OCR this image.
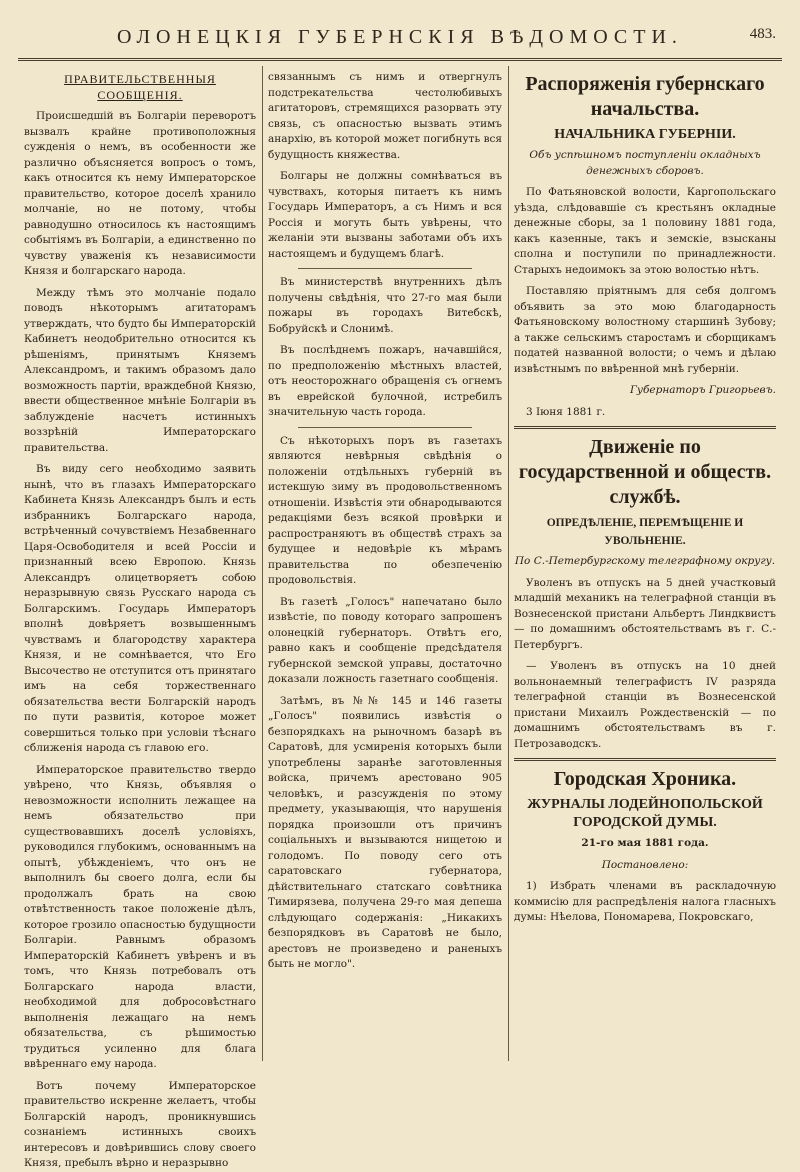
ОЛОНЕЦКІЯ ГУБЕРНСКІЯ ВѢДОМОСТИ.	483.
ПРАВИТЕЛЬСТВЕННЫЯ СООБЩЕНІЯ.

Происшедшій въ Болгаріи переворотъ вызвалъ крайне противоположныя сужденія о немъ, въ особенности же различно объясняется вопросъ о томъ, какъ относится къ нему Императорское правительство, которое доселѣ хранило молчаніе, но не потому, чтобы равнодушно относилось къ настоящимъ событіямъ въ Болгаріи, а единственно по чувству уваженія къ независимости Князя и болгарскаго народа.

Между тѣмъ это молчаніе подало поводъ нѣкоторымъ агитаторамъ утверждать, что будто бы Императорскій Кабинетъ неодобрительно относится къ рѣшеніямъ, принятымъ Княземъ Александромъ, и такимъ образомъ дало возможность партіи, враждебной Князю, ввести общественное мнѣніе Болгаріи въ заблужденіе насчетъ истинныхъ воззрѣній Императорскаго правительства.

Въ виду сего необходимо заявить нынѣ, что въ глазахъ Императорскаго Кабинета Князь Александръ былъ и есть избранникъ Болгарскаго народа, встрѣченный сочувствіемъ Незабвеннаго Царя-Освободителя и всей Россіи и признанный всею Европою. Князь Александръ олицетворяетъ собою неразрывную связь Русскаго народа съ Болгарскимъ. Государь Императоръ вполнѣ довѣряетъ возвышеннымъ чувствамъ и благородству характера Князя, и не сомнѣвается, что Его Высочество не отступится отъ принятаго имъ на себя торжественнаго обязательства вести Болгарскій народъ по пути развитія, которое может совершиться только при условіи тѣснаго сближенія народа съ главою его.

Императорское правительство твердо увѣрено, что Князь, объявляя о невозможности исполнить лежащее на немъ обязательство при существовавшихъ доселѣ условіяхъ, руководился глубокимъ, основаннымъ на опытѣ, убѣжденіемъ, что онъ не выполнилъ бы своего долга, если бы продолжалъ брать на свою отвѣтственность такое положеніе дѣлъ, которое грозило опасностью будущности Болгаріи. Равнымъ образомъ Императорскій Кабинетъ увѣренъ и въ томъ, что Князь потребовалъ отъ Болгарскаго народа власти, необходимой для добросовѣстнаго выполненія лежащаго на немъ обязательства, съ рѣшимостью трудиться усиленно для блага ввѣреннаго ему народа.

Вотъ почему Императорское правительство искренне желаетъ, чтобы Болгарскій народъ, проникнувшись сознаніемъ истинныхъ своихъ интересовъ и довѣрившись слову своего Князя, пребылъ вѣрно и неразрывно

связаннымъ съ нимъ и отвергнулъ подстрекательства честолюбивыхъ агитаторовъ, стремящихся разорвать эту связь, съ опасностью вызвать этимъ анархію, въ которой может погибнуть вся будущность княжества.

Болгары не должны сомнѣваться въ чувствахъ, которыя питаетъ къ нимъ Государь Императоръ, а съ Нимъ и вся Россія и могуть быть увѣрены, что желаніи эти вызваны заботами объ ихъ настоящемъ и будущемъ благѣ.

Въ министерствѣ внутреннихъ дѣлъ получены свѣдѣнія, что 27-го мая были пожары въ городахъ Витебскѣ, Бобруйскѣ и Слонимѣ.

Въ послѣднемъ пожаръ, начавшійся, по предположенію мѣстныхъ властей, отъ неосторожнаго обращенія съ огнемъ въ еврейской булочной, истребилъ значительную часть города.

Съ нѣкоторыхъ поръ въ газетахъ являются невѣрныя свѣдѣнія о положеніи отдѣльныхъ губерній въ истекшую зиму въ продовольственномъ отношеніи. Извѣстія эти обнародываются редакціями безъ всякой провѣрки и распространяютъ въ обществѣ страхъ за будущее и недовѣріе къ мѣрамъ правительства по обезпеченію продовольствія.

Въ газетѣ „Голосъ" напечатано было извѣстіе, по поводу котораго запрошенъ олонецкій губернаторъ. Отвѣтъ его, равно какъ и сообщеніе предсѣдателя губернской земской управы, достаточно доказали ложность газетнаго сообщенія.

Затѣмъ, въ №№ 145 и 146 газеты „Голосъ" появились извѣстія о безпорядкахъ на рыночномъ базарѣ въ Саратовѣ, для усмиренія которыхъ были употреблены заранѣе заготовленныя войска, причемъ арестовано 905 человѣкъ, и разсужденія по этому предмету, указывающія, что нарушенія порядка произошли отъ причинъ соціальныхъ и вызываются нищетою и голодомъ. По поводу сего отъ саратовскаго губернатора, дѣйствительнаго статскаго совѣтника Тимирязева, получена 29-го мая депеша слѣдующаго содержанія: „Никакихъ безпорядковъ въ Саратовѣ не было, арестовъ не произведено и раненыхъ быть не могло".

Распоряженія губернскаго начальства.
НАЧАЛЬНИКА ГУБЕРНІИ.

Объ успѣшномъ поступленіи окладныхъ денежныхъ сборовъ.

По Фатьяновской волости, Каргопольскаго уѣзда, слѣдовавшіе съ крестьянъ окладные денежные сборы, за 1 половину 1881 года, какъ казенные, такъ и земскіе, взысканы сполна и поступили по принадлежности. Старыхъ недоимокъ за этою волостью нѣтъ.

Поставляю пріятнымъ для себя долгомъ объявить за это мою благодарность Фатьяновскому волостному старшинѣ Зубову; а также сельскимъ старостамъ и сборщикамъ податей названной волости; о чемъ и дѣлаю извѣстнымъ по ввѣренной мнѣ губерніи.

Губернаторъ Григорьевъ.

3 Іюня 1881 г.

Движеніе по государственной и обществ. службѣ.
ОПРЕДѢЛЕНІЕ, ПЕРЕМѢЩЕНІЕ И УВОЛЬНЕНІЕ.

По С.-Петербургскому телеграфному округу.

Уволенъ въ отпускъ на 5 дней участковый младшій механикъ на телеграфной станціи въ Вознесенской пристани Альбертъ Линдквистъ — по домашнимъ обстоятельствамъ въ г. С.-Петербургъ.

— Уволенъ въ отпускъ на 10 дней вольнонаемный телеграфистъ IV разряда телеграфной станціи въ Вознесенской пристани Михаилъ Рождественскій — по домашнимъ обстоятельствамъ въ г. Петрозаводскъ.

Городская Хроника.
ЖУРНАЛЫ ЛОДЕЙНОПОЛЬСКОЙ ГОРОДСКОЙ ДУМЫ.

21-го мая 1881 года.

Постановлено:

1) Избрать членами въ раскладочную коммисію для распредѣленія налога гласныхъ думы: Нѣелова, Пономарева, Покровскаго,
